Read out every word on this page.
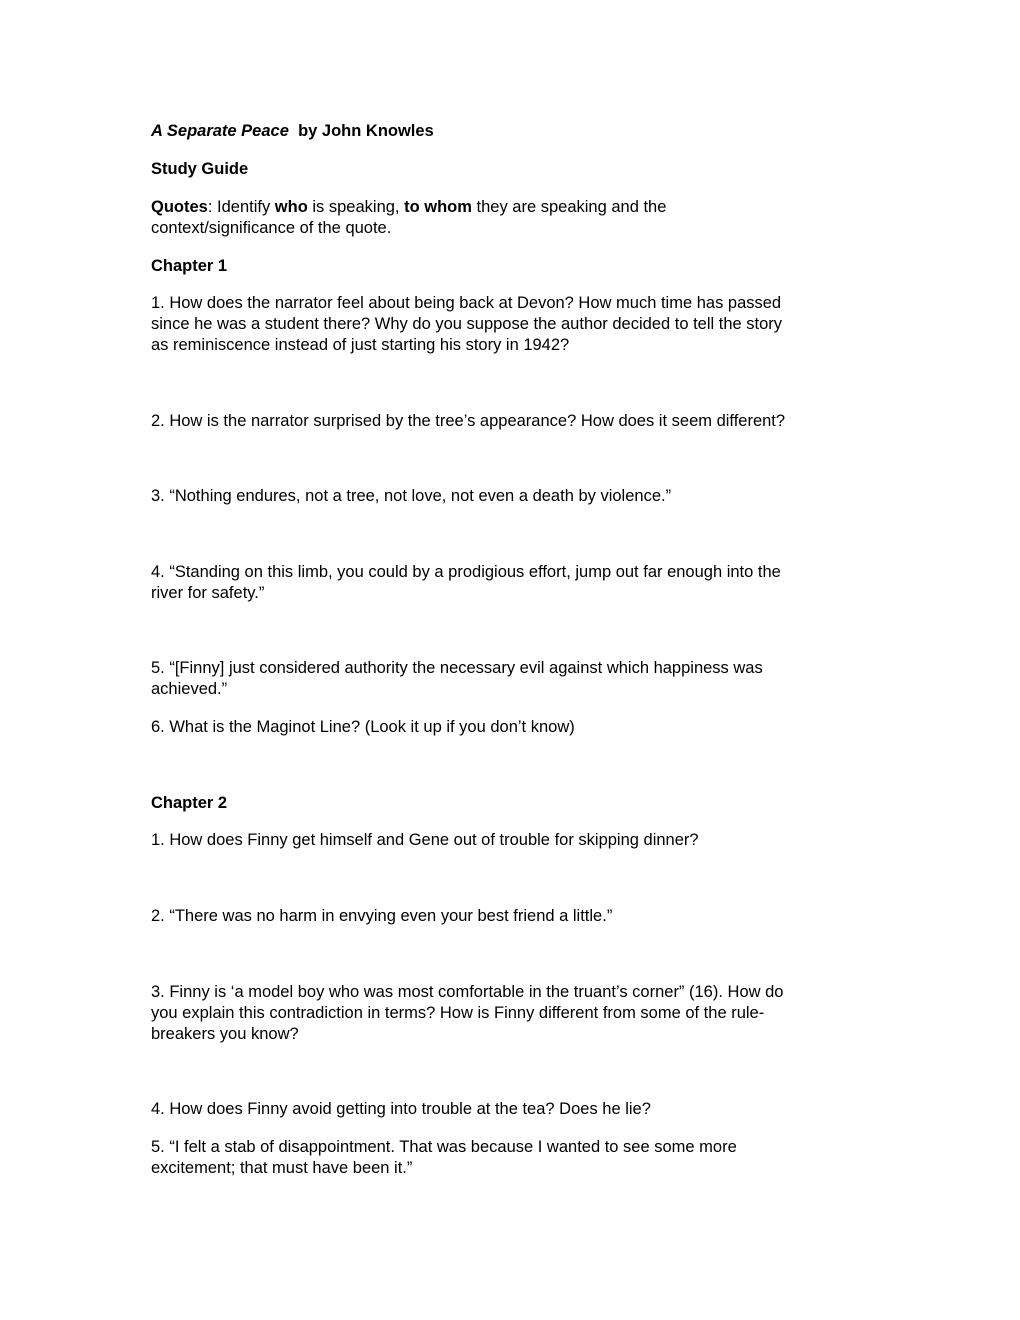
A Separate Peace by John Knowles

Study Guide

Quotes: Identify who is speaking, to whom they are speaking and the
context/significance of the quote.

Chapter 1

1. How does the narrator feel about being back at Devon? How much time has passed
since he was a student there? Why do you suppose the author decided to tell the story
as reminiscence instead of just starting his story in 1942?
2. How is the narrator surprised by the tree’s appearance? How does it seem different?
3. “Nothing endures, not a tree, not love, not even a death by violence.”
4. “Standing on this limb, you could by a prodigious effort, jump out far enough into the
river for safety.”
5. “[Finny] just considered authority the necessary evil against which happiness was
achieved.”
6. What is the Maginot Line? (Look it up if you don’t know)

Chapter 2

1. How does Finny get himself and Gene out of trouble for skipping dinner?
2. “There was no harm in envying even your best friend a little.”
3. Finny is ‘a model boy who was most comfortable in the truant’s corner” (16). How do
you explain this contradiction in terms? How is Finny different from some of the rule-
breakers you know?
4. How does Finny avoid getting into trouble at the tea? Does he lie?
5. “I felt a stab of disappointment. That was because I wanted to see some more
excitement; that must have been it.”
